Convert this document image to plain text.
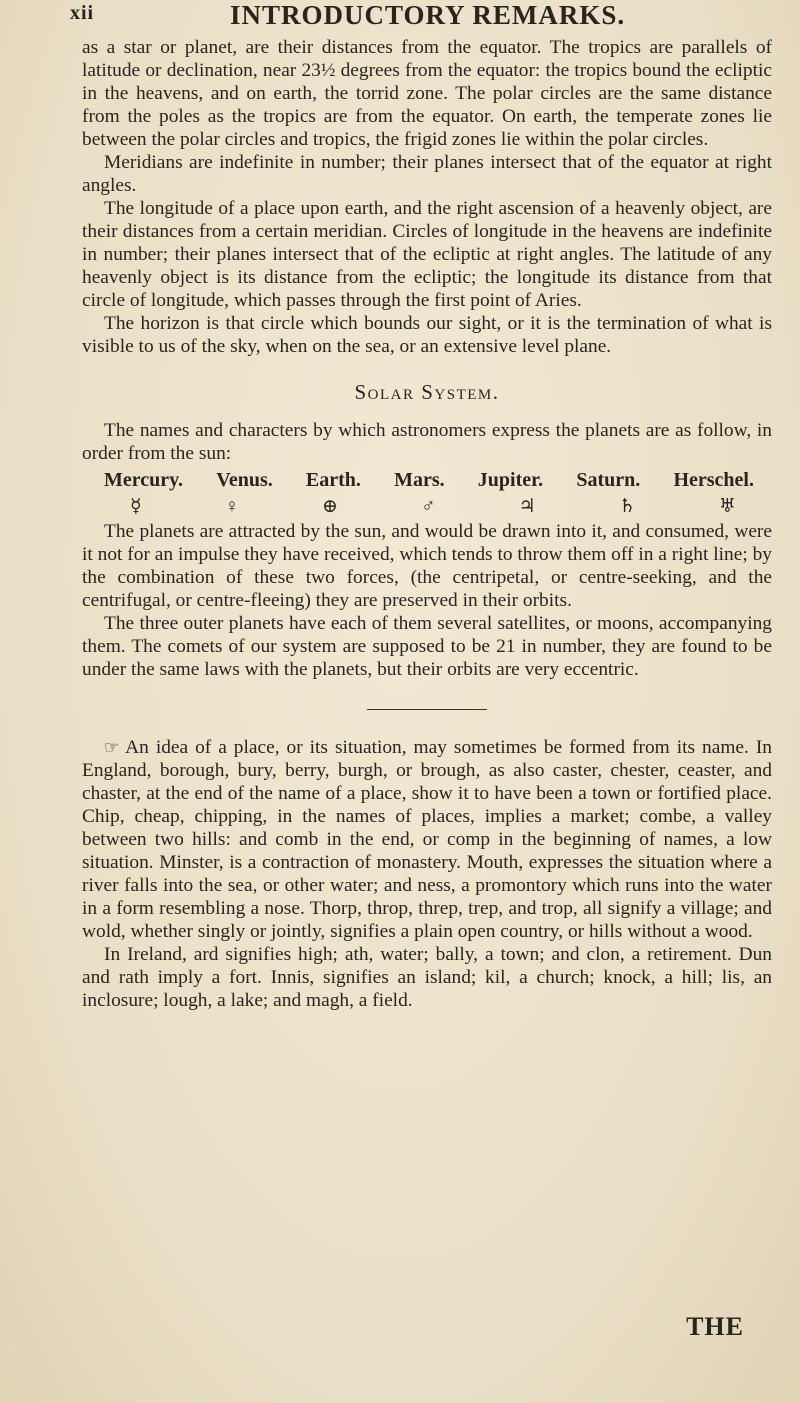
xii	INTRODUCTORY REMARKS.

as a star or planet, are their distances from the equator. The tropics are parallels of latitude or declination, near 23½ degrees from the equator: the tropics bound the ecliptic in the heavens, and on earth, the torrid zone. The polar circles are the same distance from the poles as the tropics are from the equator. On earth, the temperate zones lie between the polar circles and tropics, the frigid zones lie within the polar circles.

Meridians are indefinite in number; their planes intersect that of the equator at right angles.

The longitude of a place upon earth, and the right ascension of a heavenly object, are their distances from a certain meridian. Circles of longitude in the heavens are indefinite in number; their planes intersect that of the ecliptic at right angles. The latitude of any heavenly object is its distance from the ecliptic; the longitude its distance from that circle of longitude, which passes through the first point of Aries.

The horizon is that circle which bounds our sight, or it is the termination of what is visible to us of the sky, when on the sea, or an extensive level plane.

Solar System.

The names and characters by which astronomers express the planets are as follow, in order from the sun:

Mercury. Venus. Earth. Mars. Jupiter. Saturn. Herschel.
☿	♀	⊕	♂	♃	♄	♅

The planets are attracted by the sun, and would be drawn into it, and consumed, were it not for an impulse they have received, which tends to throw them off in a right line; by the combination of these two forces, (the centripetal, or centre-seeking, and the centrifugal, or centre-fleeing) they are preserved in their orbits.

The three outer planets have each of them several satellites, or moons, accompanying them. The comets of our system are supposed to be 21 in number, they are found to be under the same laws with the planets, but their orbits are very eccentric.

☞ An idea of a place, or its situation, may sometimes be formed from its name. In England, borough, bury, berry, burgh, or brough, as also caster, chester, ceaster, and chaster, at the end of the name of a place, show it to have been a town or fortified place. Chip, cheap, chipping, in the names of places, implies a market; combe, a valley between two hills: and comb in the end, or comp in the beginning of names, a low situation. Minster, is a contraction of monastery. Mouth, expresses the situation where a river falls into the sea, or other water; and ness, a promontory which runs into the water in a form resembling a nose. Thorp, throp, threp, trep, and trop, all signify a village; and wold, whether singly or jointly, signifies a plain open country, or hills without a wood.

In Ireland, ard signifies high; ath, water; bally, a town; and clon, a retirement. Dun and rath imply a fort. Innis, signifies an island; kil, a church; knock, a hill; lis, an inclosure; lough, a lake; and magh, a field.

THE
